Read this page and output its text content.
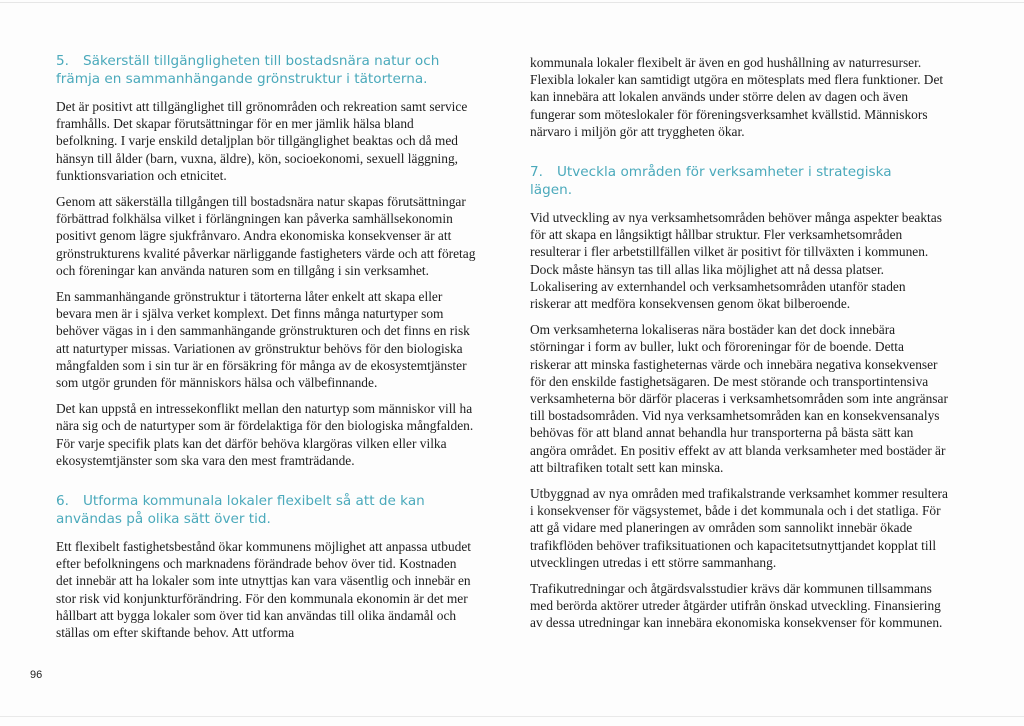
5. Säkerställ tillgängligheten till bostadsnära natur och
främja en sammanhängande grönstruktur i tätorterna.

Det är positivt att tillgänglighet till grönområden och rekreation samt service framhålls. Det skapar förutsättningar för en mer jämlik hälsa bland befolkning. I varje enskild detaljplan bör tillgänglighet beaktas och då med hänsyn till ålder (barn, vuxna, äldre), kön, socioekonomi, sexuell läggning, funktionsvariation och etnicitet.

Genom att säkerställa tillgången till bostadsnära natur skapas förutsättningar förbättrad folkhälsa vilket i förlängningen kan påverka samhällsekonomin positivt genom lägre sjukfrånvaro. Andra ekonomiska konsekvenser är att grönstrukturens kvalité påverkar närliggande fastigheters värde och att företag och föreningar kan använda naturen som en tillgång i sin verksamhet.

En sammanhängande grönstruktur i tätorterna låter enkelt att skapa eller bevara men är i själva verket komplext. Det finns många naturtyper som behöver vägas in i den sammanhängande grönstrukturen och det finns en risk att naturtyper missas. Variationen av grönstruktur behövs för den biologiska mångfalden som i sin tur är en försäkring för många av de ekosystemtjänster som utgör grunden för människors hälsa och välbefinnande.

Det kan uppstå en intressekonflikt mellan den naturtyp som människor vill ha nära sig och de naturtyper som är fördelaktiga för den biologiska mångfalden. För varje specifik plats kan det därför behöva klargöras vilken eller vilka ekosystemtjänster som ska vara den mest framträdande.

6. Utforma kommunala lokaler flexibelt så att de kan
användas på olika sätt över tid.

Ett flexibelt fastighetsbestånd ökar kommunens möjlighet att anpassa utbudet efter befolkningens och marknadens förändrade behov över tid. Kostnaden det innebär att ha lokaler som inte utnyttjas kan vara väsentlig och innebär en stor risk vid konjunkturförändring. För den kommunala ekonomin är det mer hållbart att bygga lokaler som över tid kan användas till olika ändamål och ställas om efter skiftande behov. Att utforma

kommunala lokaler flexibelt är även en god hushållning av naturresurser. Flexibla lokaler kan samtidigt utgöra en mötesplats med flera funktioner. Det kan innebära att lokalen används under större delen av dagen och även fungerar som möteslokaler för föreningsverksamhet kvällstid. Människors närvaro i miljön gör att tryggheten ökar.

7. Utveckla områden för verksamheter i strategiska
lägen.

Vid utveckling av nya verksamhetsområden behöver många aspekter beaktas för att skapa en långsiktigt hållbar struktur. Fler verksamhetsområden resulterar i fler arbetstillfällen vilket är positivt för tillväxten i kommunen. Dock måste hänsyn tas till allas lika möjlighet att nå dessa platser. Lokalisering av externhandel och verksamhetsområden utanför staden riskerar att medföra konsekvensen genom ökat bilberoende.

Om verksamheterna lokaliseras nära bostäder kan det dock innebära störningar i form av buller, lukt och föroreningar för de boende. Detta riskerar att minska fastigheternas värde och innebära negativa konsekvenser för den enskilde fastighetsägaren. De mest störande och transportintensiva verksamheterna bör därför placeras i verksamhetsområden som inte angränsar till bostadsområden. Vid nya verksamhetsområden kan en konsekvensanalys behövas för att bland annat behandla hur transporterna på bästa sätt kan angöra området. En positiv effekt av att blanda verksamheter med bostäder är att biltrafiken totalt sett kan minska.

Utbyggnad av nya områden med trafikalstrande verksamhet kommer resultera i konsekvenser för vägsystemet, både i det kommunala och i det statliga. För att gå vidare med planeringen av områden som sannolikt innebär ökade trafikflöden behöver trafiksituationen och kapacitetsutnyttjandet kopplat till utvecklingen utredas i ett större sammanhang.

Trafikutredningar och åtgärdsvalsstudier krävs där kommunen tillsammans med berörda aktörer utreder åtgärder utifrån önskad utveckling. Finansiering av dessa utredningar kan innebära ekonomiska konsekvenser för kommunen.

96
